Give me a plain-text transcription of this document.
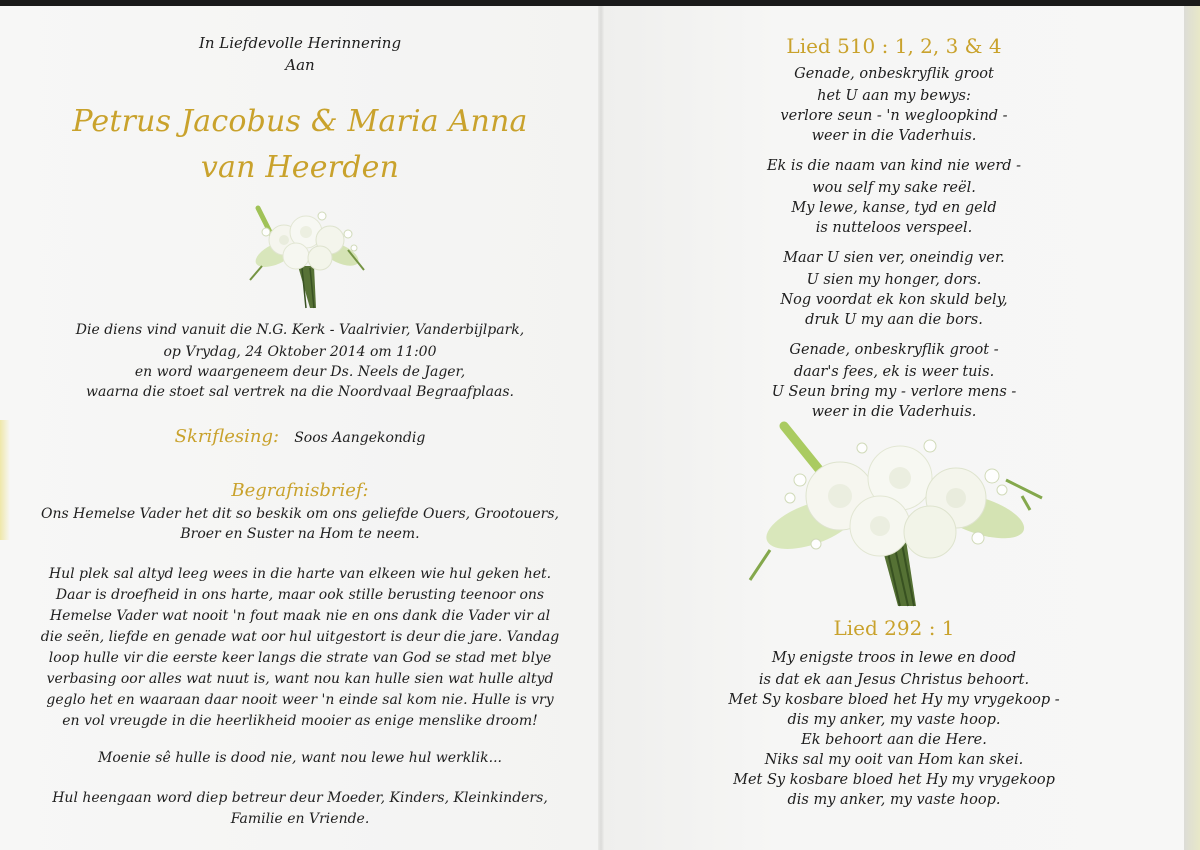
In Liefdevolle Herinnering
Aan
Petrus Jacobus & Maria Anna
van Heerden
Die diens vind vanuit die N.G. Kerk - Vaalrivier, Vanderbijlpark,
op Vrydag, 24 Oktober 2014 om 11:00
en word waargeneem deur Ds. Neels de Jager,
waarna die stoet sal vertrek na die Noordvaal Begraafplaas.
Skriflesing: Soos Aangekondig
Begrafnisbrief:
Ons Hemelse Vader het dit so beskik om ons geliefde Ouers, Grootouers,
Broer en Suster na Hom te neem.
Hul plek sal altyd leeg wees in die harte van elkeen wie hul geken het.
Daar is droefheid in ons harte, maar ook stille berusting teenoor ons
Hemelse Vader wat nooit 'n fout maak nie en ons dank die Vader vir al
die seën, liefde en genade wat oor hul uitgestort is deur die jare. Vandag
loop hulle vir die eerste keer langs die strate van God se stad met blye
verbasing oor alles wat nuut is, want nou kan hulle sien wat hulle altyd
geglo het en waaraan daar nooit weer 'n einde sal kom nie. Hulle is vry
en vol vreugde in die heerlikheid mooier as enige menslike droom!
Moenie sê hulle is dood nie, want nou lewe hul werklik...
Hul heengaan word diep betreur deur Moeder, Kinders, Kleinkinders,
Familie en Vriende.
Lied 510 : 1, 2, 3 & 4
Genade, onbeskryflik groot
het U aan my bewys:
verlore seun - 'n wegloopkind -
weer in die Vaderhuis.
Ek is die naam van kind nie werd -
wou self my sake reël.
My lewe, kanse, tyd en geld
is nutteloos verspeel.
Maar U sien ver, oneindig ver.
U sien my honger, dors.
Nog voordat ek kon skuld bely,
druk U my aan die bors.
Genade, onbeskryflik groot -
daar's fees, ek is weer tuis.
U Seun bring my - verlore mens -
weer in die Vaderhuis.
Lied 292 : 1
My enigste troos in lewe en dood
is dat ek aan Jesus Christus behoort.
Met Sy kosbare bloed het Hy my vrygekoop -
dis my anker, my vaste hoop.
Ek behoort aan die Here.
Niks sal my ooit van Hom kan skei.
Met Sy kosbare bloed het Hy my vrygekoop
dis my anker, my vaste hoop.
